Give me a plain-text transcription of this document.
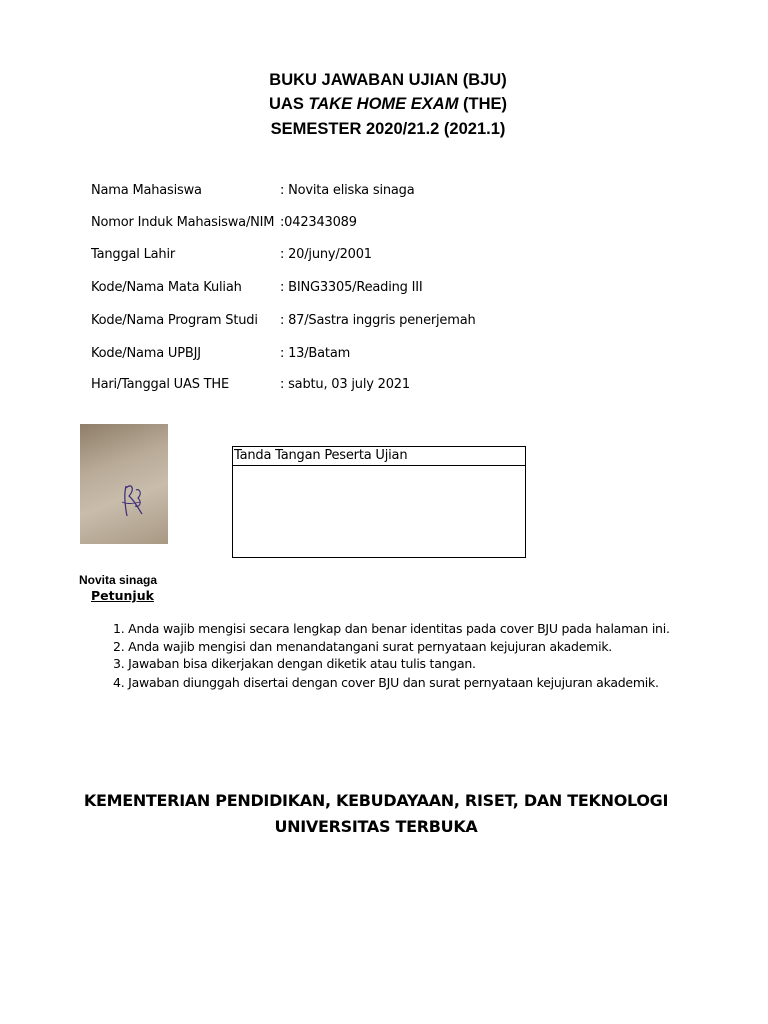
BUKU JAWABAN UJIAN (BJU)
UAS TAKE HOME EXAM (THE)
SEMESTER 2020/21.2 (2021.1)
Nama Mahasiswa	: Novita eliska sinaga
Nomor Induk Mahasiswa/NIM :042343089
Tanggal Lahir	: 20/juny/2001
Kode/Nama Mata Kuliah	: BING3305/Reading III
Kode/Nama Program Studi : 87/Sastra inggris penerjemah
Kode/Nama UPBJJ	: 13/Batam
Hari/Tanggal UAS THE	: sabtu, 03 july 2021
Tanda Tangan Peserta Ujian
Novita sinaga
Petunjuk
1. Anda wajib mengisi secara lengkap dan benar identitas pada cover BJU pada halaman ini.
2. Anda wajib mengisi dan menandatangani surat pernyataan kejujuran akademik.
3. Jawaban bisa dikerjakan dengan diketik atau tulis tangan.
4. Jawaban diunggah disertai dengan cover BJU dan surat pernyataan kejujuran akademik.
KEMENTERIAN PENDIDIKAN, KEBUDAYAAN, RISET, DAN TEKNOLOGI
UNIVERSITAS TERBUKA
